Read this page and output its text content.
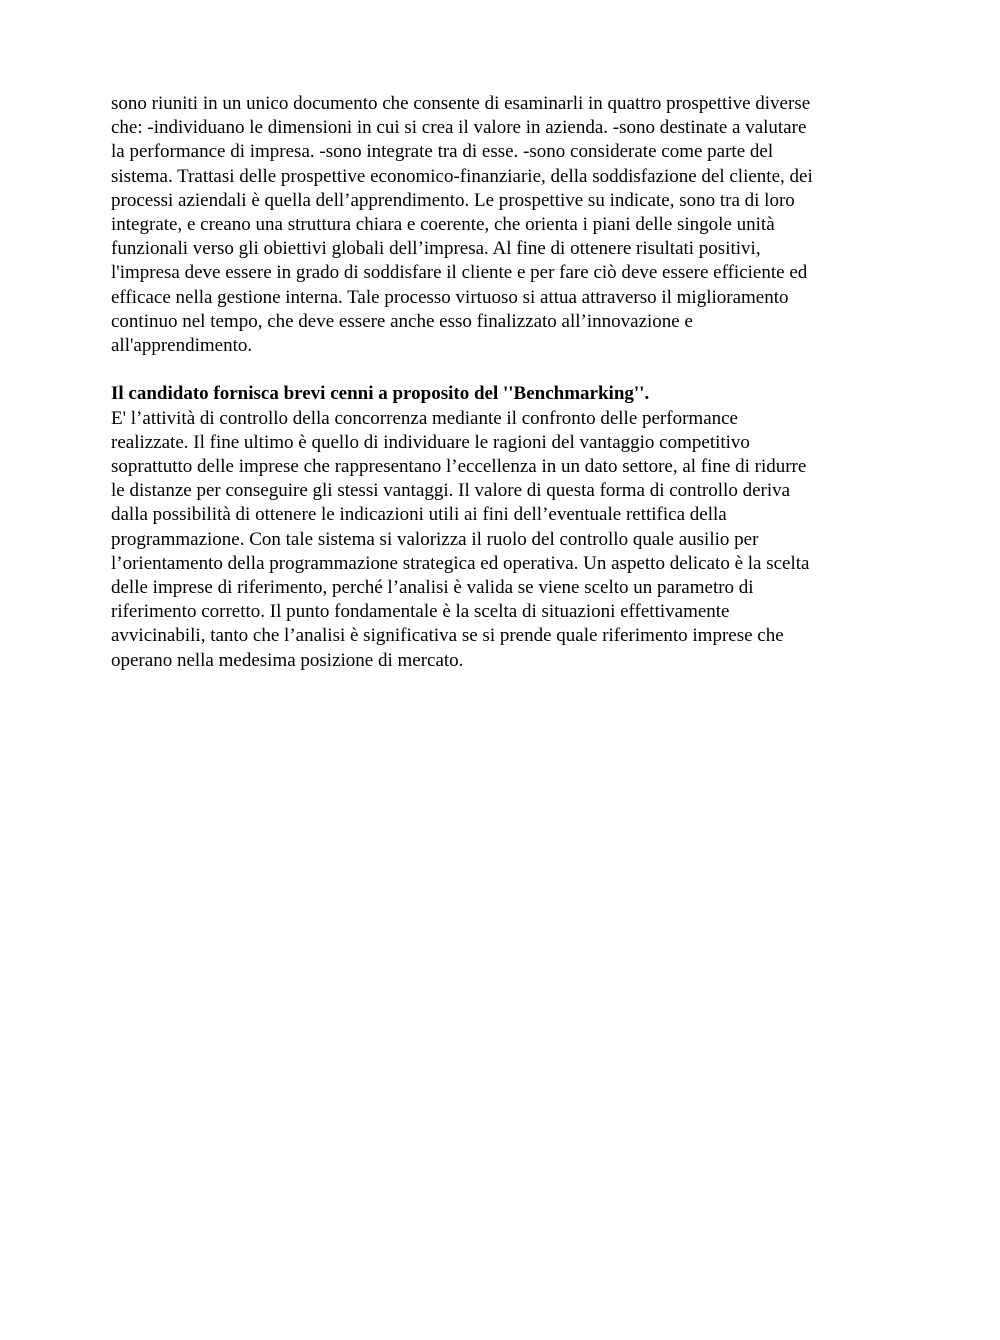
sono riuniti in un unico documento che consente di esaminarli in quattro prospettive diverse
che: -individuano le dimensioni in cui si crea il valore in azienda. -sono destinate a valutare
la performance di impresa. -sono integrate tra di esse. -sono considerate come parte del
sistema. Trattasi delle prospettive economico-finanziarie, della soddisfazione del cliente, dei
processi aziendali è quella dell’apprendimento. Le prospettive su indicate, sono tra di loro
integrate, e creano una struttura chiara e coerente, che orienta i piani delle singole unità
funzionali verso gli obiettivi globali dell’impresa. Al fine di ottenere risultati positivi,
l'impresa deve essere in grado di soddisfare il cliente e per fare ciò deve essere efficiente ed
efficace nella gestione interna. Tale processo virtuoso si attua attraverso il miglioramento
continuo nel tempo, che deve essere anche esso finalizzato all’innovazione e
all'apprendimento.
Il candidato fornisca brevi cenni a proposito del ''Benchmarking''.
E' l’attività di controllo della concorrenza mediante il confronto delle performance
realizzate. Il fine ultimo è quello di individuare le ragioni del vantaggio competitivo
soprattutto delle imprese che rappresentano l’eccellenza in un dato settore, al fine di ridurre
le distanze per conseguire gli stessi vantaggi. Il valore di questa forma di controllo deriva
dalla possibilità di ottenere le indicazioni utili ai fini dell’eventuale rettifica della
programmazione. Con tale sistema si valorizza il ruolo del controllo quale ausilio per
l’orientamento della programmazione strategica ed operativa. Un aspetto delicato è la scelta
delle imprese di riferimento, perché l’analisi è valida se viene scelto un parametro di
riferimento corretto. Il punto fondamentale è la scelta di situazioni effettivamente
avvicinabili, tanto che l’analisi è significativa se si prende quale riferimento imprese che
operano nella medesima posizione di mercato.
